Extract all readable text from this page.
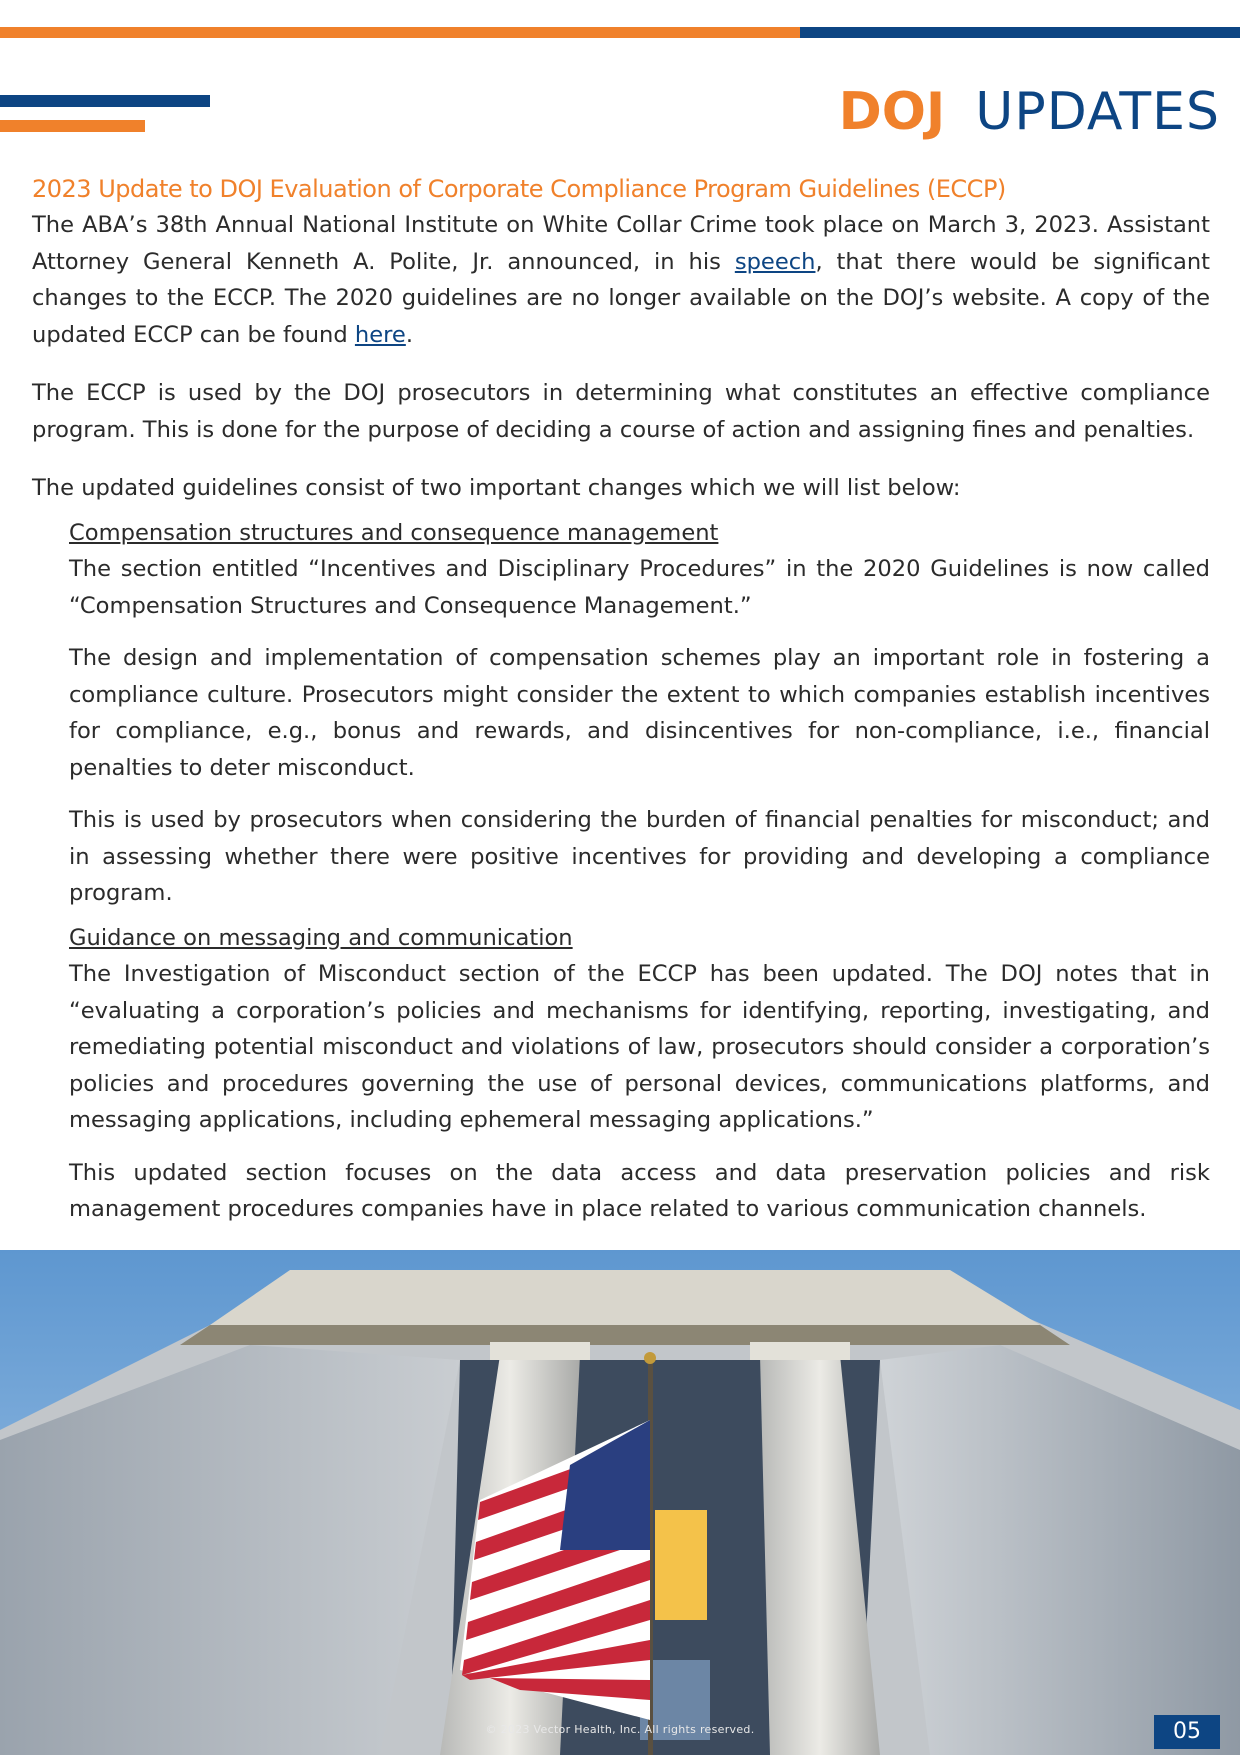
DOJ UPDATES
2023 Update to DOJ Evaluation of Corporate Compliance Program Guidelines (ECCP)

The ABA’s 38th Annual National Institute on White Collar Crime took place on March 3, 2023. Assistant Attorney General Kenneth A. Polite, Jr. announced, in his speech, that there would be significant changes to the ECCP. The 2020 guidelines are no longer available on the DOJ’s website. A copy of the updated ECCP can be found here.

The ECCP is used by the DOJ prosecutors in determining what constitutes an effective compliance program. This is done for the purpose of deciding a course of action and assigning fines and penalties.

The updated guidelines consist of two important changes which we will list below:

Compensation structures and consequence management

The section entitled “Incentives and Disciplinary Procedures” in the 2020 Guidelines is now called “Compensation Structures and Consequence Management.”

The design and implementation of compensation schemes play an important role in fostering a compliance culture. Prosecutors might consider the extent to which companies establish incentives for compliance, e.g., bonus and rewards, and disincentives for non-compliance, i.e., financial penalties to deter misconduct.

This is used by prosecutors when considering the burden of financial penalties for misconduct; and in assessing whether there were positive incentives for providing and developing a compliance program.

Guidance on messaging and communication

The Investigation of Misconduct section of the ECCP has been updated. The DOJ notes that in “evaluating a corporation’s policies and mechanisms for identifying, reporting, investigating, and remediating potential misconduct and violations of law, prosecutors should consider a corporation’s policies and procedures governing the use of personal devices, communications platforms, and messaging applications, including ephemeral messaging applications.”

This updated section focuses on the data access and data preservation policies and risk management procedures companies have in place related to various communication channels.

© 2023 Vector Health, Inc. All rights reserved.	05
